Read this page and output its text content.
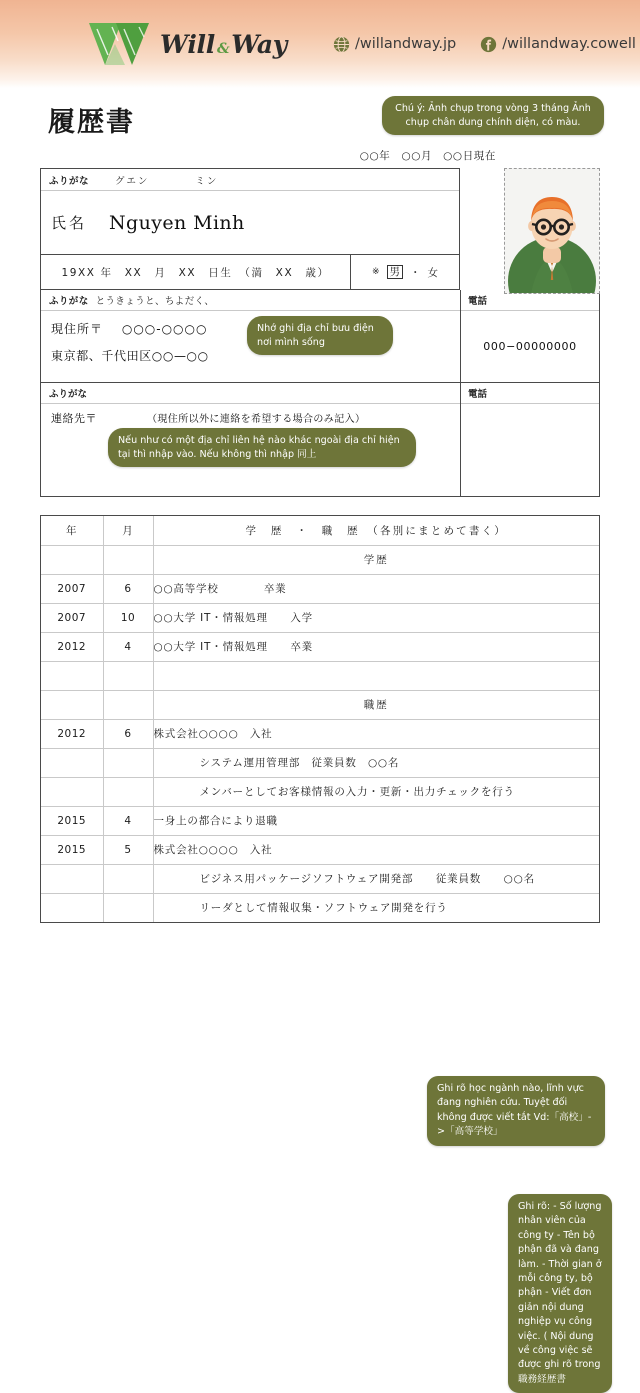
Will &Way	/willandway.jp	/willandway.cowell
履歴書
○○年　○○月　○○日現在
ふりがな	グエン	ミン
氏名 Nguyen Minh
19XX 年　XX　月　XX　日生　（満　XX　歳）	※ 男 ・ 女
ふりがな とうきょうと、ちよだく、
現住所〒 ○○○-○○○○
東京都、千代田区○○—○○
ふりがな
連絡先〒	（現住所以外に連絡を希望する場合のみ記入）
電話
000−00000000
電話
年	月	学　歴　・　職　歴　（各別にまとめて書く）
		学歴
2007	6	○○高等学校　　　　卒業
2007	10	○○大学 IT・情報処理　　入学
2012	4	○○大学 IT・情報処理　　卒業

		職歴
2012	6	株式会社○○○○　入社
		システム運用管理部　従業員数　○○名
		メンバーとしてお客様情報の入力・更新・出力チェックを行う
2015	4	一身上の都合により退職
2015	5	株式会社○○○○　入社
		ビジネス用パッケージソフトウェア開発部　　従業員数　　○○名
		リーダとして情報収集・ソフトウェア開発を行う
Ghi rõ học ngành nào, lĩnh vực đang nghiên cứu. Tuyệt đối không được viết tắt Vd:「高校」->「高等学校」
Ghi rõ: - Số lượng nhân viên của công ty - Tên bộ phận đã và đang làm. - Thời gian ở mỗi công ty, bộ phận - Viết đơn giản nội dung nghiệp vụ công việc. ( Nội dung về công việc sẽ được ghi rõ trong 職務経歴書
Chú ý: Ảnh chụp trong vòng 3 tháng Ảnh chụp chân dung chính diện, có màu.
Nhớ ghi địa chỉ bưu điện nơi mình sống
Nếu như có một địa chỉ liên hệ nào khác ngoài địa chỉ hiện tại thì nhập vào. Nếu không thì nhập 同上
